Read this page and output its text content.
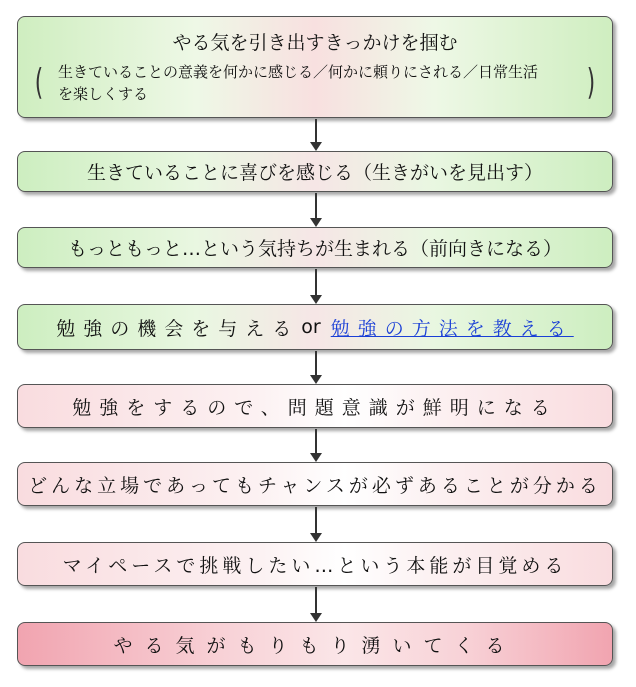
やる気を引き出すきっかけを掴む
( 生きていることの意義を何かに感じる／何かに頼りにされる／日常生活
を楽しくする	)
生きていることに喜びを感じる（生きがいを見出す）
もっともっと…という気持ちが生まれる（前向きになる）
勉強の機会を与える or 勉強の方法を教える
勉強をするので、問題意識が鮮明になる
どんな立場であってもチャンスが必ずあることが分かる
マイペースで挑戦したい…という本能が目覚める
やる気がもりもり湧いてくる
